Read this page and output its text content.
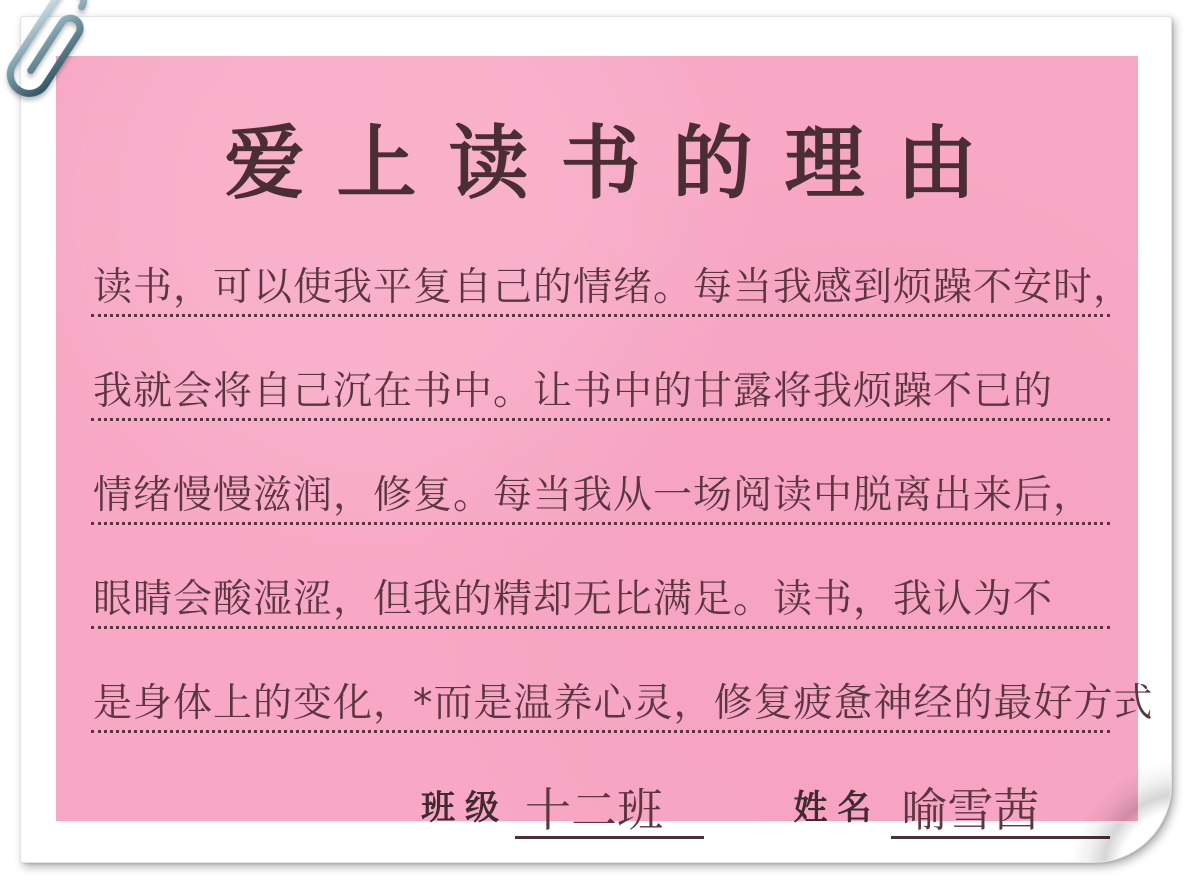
爱上读书的理由
读书，可以使我平复自己的情绪。每当我感到烦躁不安时，
我就会将自己沉在书中。让书中的甘露将我烦躁不已的
情绪慢慢滋润，修复。每当我从一场阅读中脱离出来后，
眼睛会酸湿涩，但我的精却无比满足。读书，我认为不
是身体上的变化，*而是温养心灵，修复疲惫神经的最好方式
班级 十二班	姓名 喻雪茜
